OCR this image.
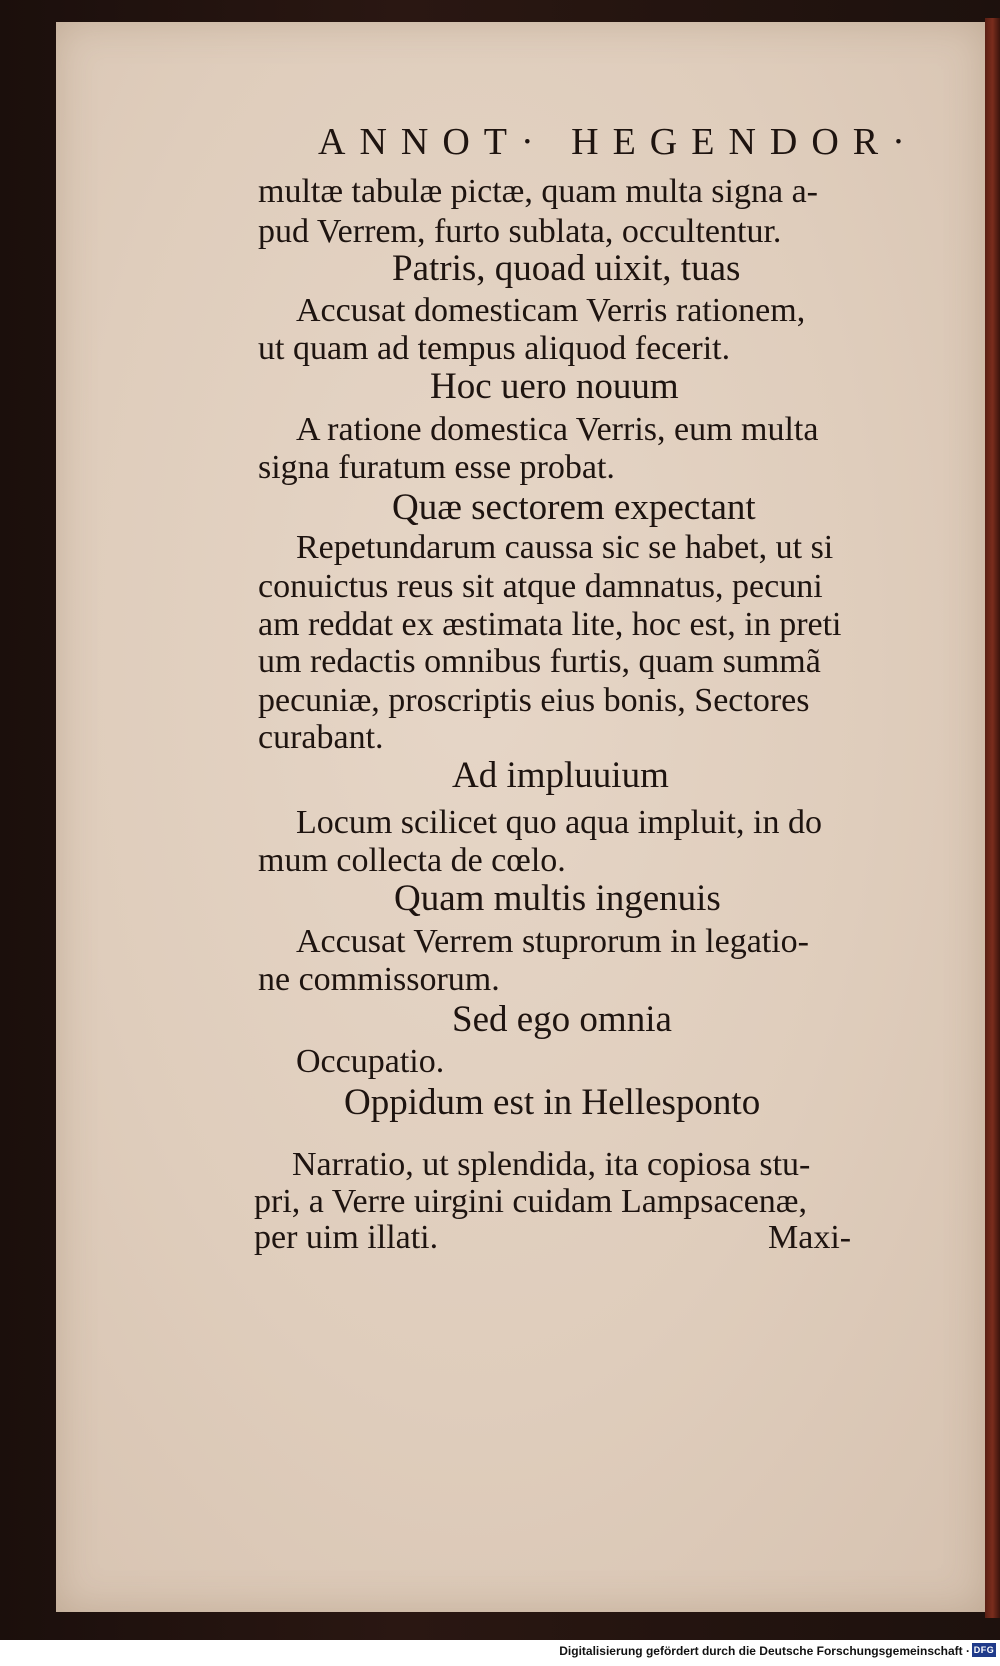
ANNOT· HEGENDOR·
multæ tabulæ pictæ, quam multa signa a-
pud Verrem, furto sublata, occultentur.
Patris, quoad uixit, tuas
Accusat domesticam Verris rationem,
ut quam ad tempus aliquod fecerit.
Hoc uero nouum
A ratione domestica Verris, eum multa
signa furatum esse probat.
Quæ sectorem expectant
Repetundarum caussa sic se habet, ut si
conuictus reus sit atque damnatus, pecuni
am reddat ex æstimata lite, hoc est, in preti
um redactis omnibus furtis, quam summã
pecuniæ, proscriptis eius bonis, Sectores
curabant.
Ad impluuium
Locum scilicet quo aqua impluit, in do
mum collecta de cœlo.
Quam multis ingenuis
Accusat Verrem stuprorum in legatio-
ne commissorum.
Sed ego omnia
Occupatio.
Oppidum est in Hellesponto
Narratio, ut splendida, ita copiosa stu-
pri, a Verre uirgini cuidam Lampsacenæ,
per uim illati.	Maxi-
Digitalisierung gefördert durch die Deutsche Forschungsgemeinschaft · DFG
